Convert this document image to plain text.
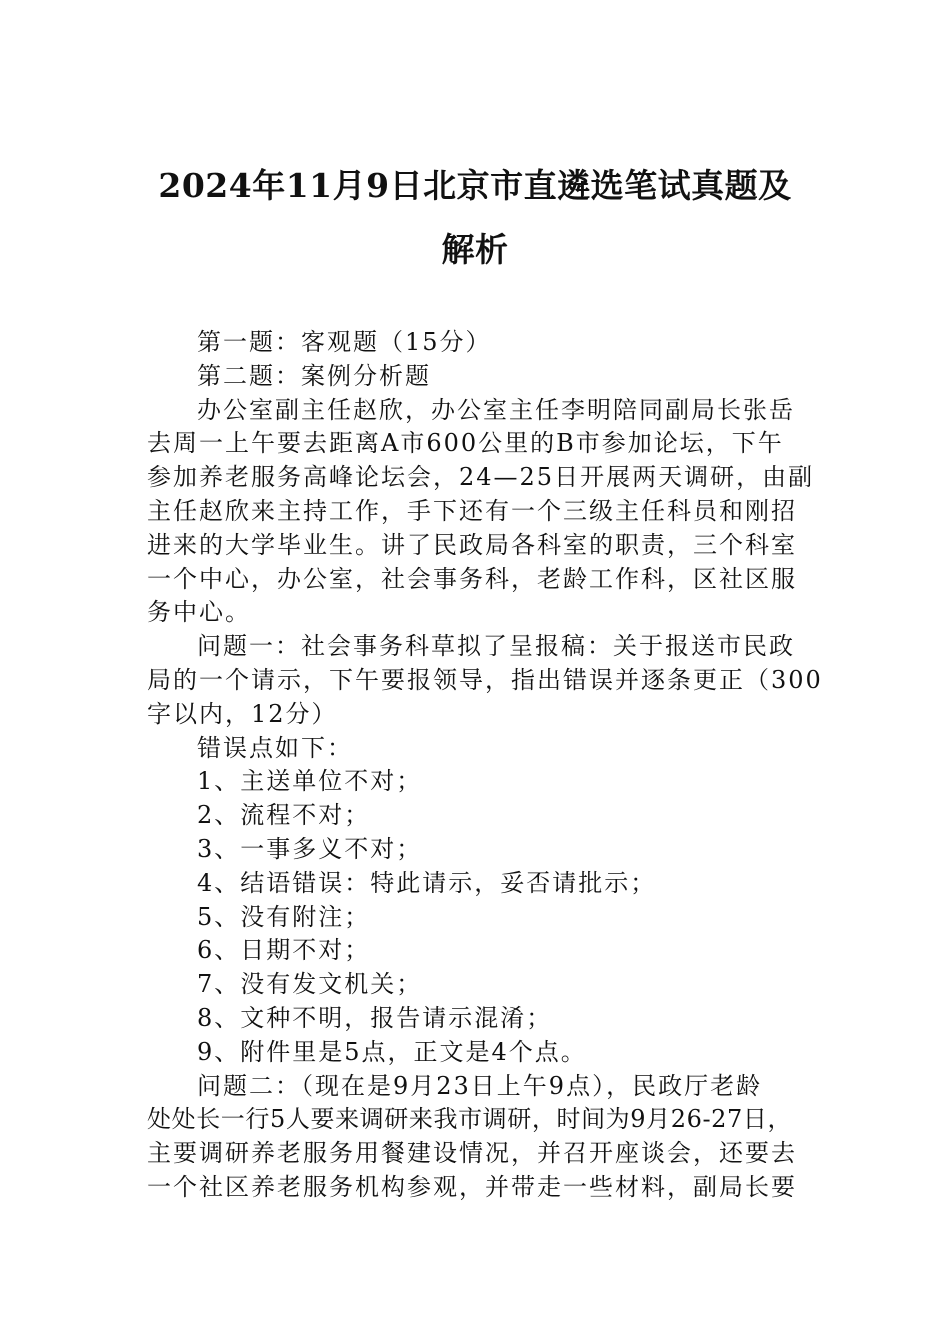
2024年11月9日北京市直遴选笔试真题及
解析

第一题：客观题（15分）

第二题：案例分析题

办公室副主任赵欣，办公室主任李明陪同副局长张岳

去周一上午要去距离A市600公里的B市参加论坛，下午

参加养老服务高峰论坛会，24—25日开展两天调研，由副

主任赵欣来主持工作，手下还有一个三级主任科员和刚招

进来的大学毕业生。讲了民政局各科室的职责，三个科室

一个中心，办公室，社会事务科，老龄工作科，区社区服

务中心。

问题一：社会事务科草拟了呈报稿：关于报送市民政

局的一个请示，下午要报领导，指出错误并逐条更正（300

字以内，12分）

错误点如下：

1、主送单位不对；

2、流程不对；

3、一事多义不对；

4、结语错误：特此请示，妥否请批示；

5、没有附注；

6、日期不对；

7、没有发文机关；

8、文种不明，报告请示混淆；

9、附件里是5点，正文是4个点。

问题二：（现在是9月23日上午9点），民政厅老龄

处处长一行5人要来调研来我市调研，时间为9月26-27日，

主要调研养老服务用餐建设情况，并召开座谈会，还要去

一个社区养老服务机构参观，并带走一些材料，副局长要
